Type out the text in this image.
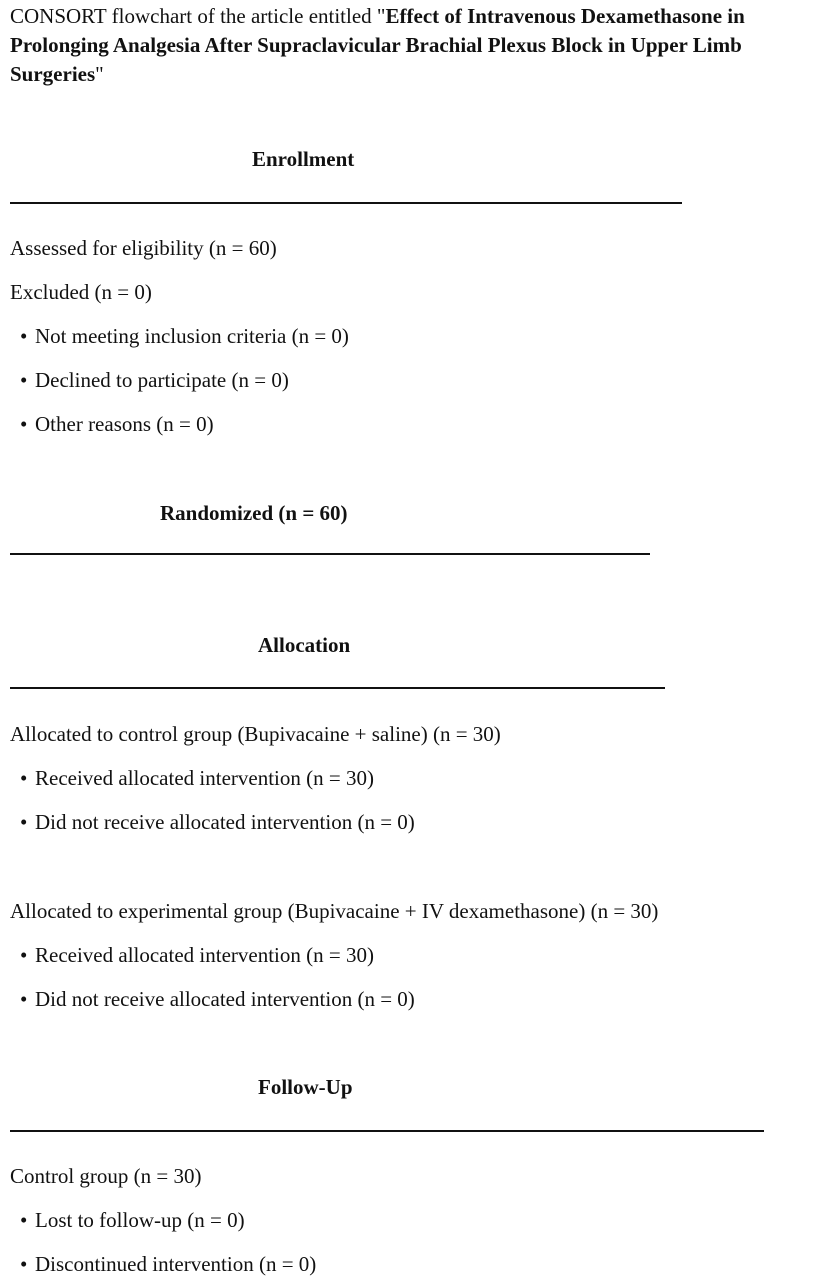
CONSORT flowchart of the article entitled "Effect of Intravenous Dexamethasone in Prolonging Analgesia After Supraclavicular Brachial Plexus Block in Upper Limb Surgeries"

Enrollment

Assessed for eligibility (n = 60)

Excluded (n = 0)

• Not meeting inclusion criteria (n = 0)

• Declined to participate (n = 0)

• Other reasons (n = 0)

Randomized (n = 60)
Allocation

Allocated to control group (Bupivacaine + saline) (n = 30)

• Received allocated intervention (n = 30)

• Did not receive allocated intervention (n = 0)

Allocated to experimental group (Bupivacaine + IV dexamethasone) (n = 30)

• Received allocated intervention (n = 30)

• Did not receive allocated intervention (n = 0)

Follow-Up

Control group (n = 30)

• Lost to follow-up (n = 0)

• Discontinued intervention (n = 0)
